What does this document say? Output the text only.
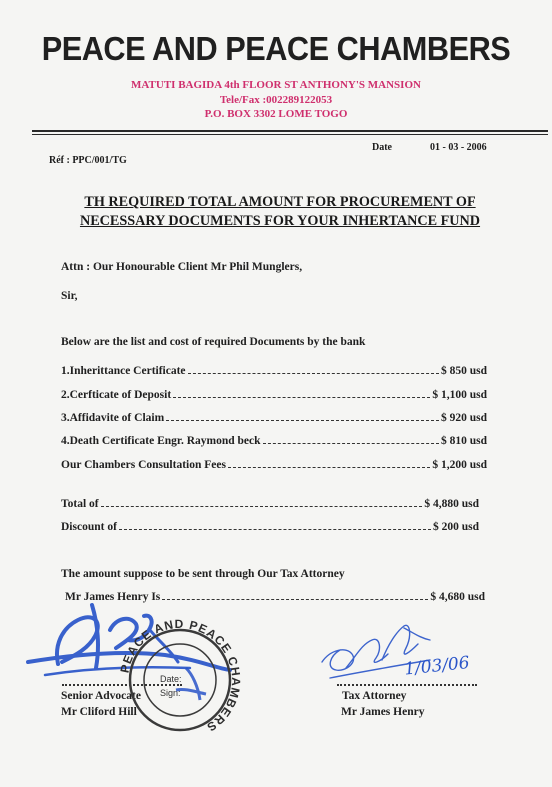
PEACE AND PEACE CHAMBERS
MATUTI BAGIDA 4th FLOOR ST ANTHONY'S MANSION
Tele/Fax :002289122053
P.O. BOX 3302 LOME TOGO
Date	01 - 03 - 2006
Réf : PPC/001/TG
TH REQUIRED TOTAL AMOUNT FOR PROCUREMENT OF
NECESSARY DOCUMENTS FOR YOUR INHERTANCE FUND
Attn : Our Honourable Client Mr Phil Munglers,
Sir,
Below are the list and cost of required Documents by the bank
1.Inherittance Certificate	$ 850 usd
2.Cerfticate of Deposit	$ 1,100 usd
3.Affidavite of Claim	$ 920 usd
4.Death Certificate Engr. Raymond beck	$ 810 usd
Our Chambers Consultation Fees	$ 1,200 usd
Total of	$ 4,880 usd
Discount of	$ 200 usd
The amount suppose to be sent through Our Tax Attorney
Mr James Henry Is	$ 4,680 usd
Senior Advocate
Mr Cliford Hill
Tax Attorney
Mr James Henry
PEACE AND PEACE CHAMBERS
Date:
Sign:
1/03/06
